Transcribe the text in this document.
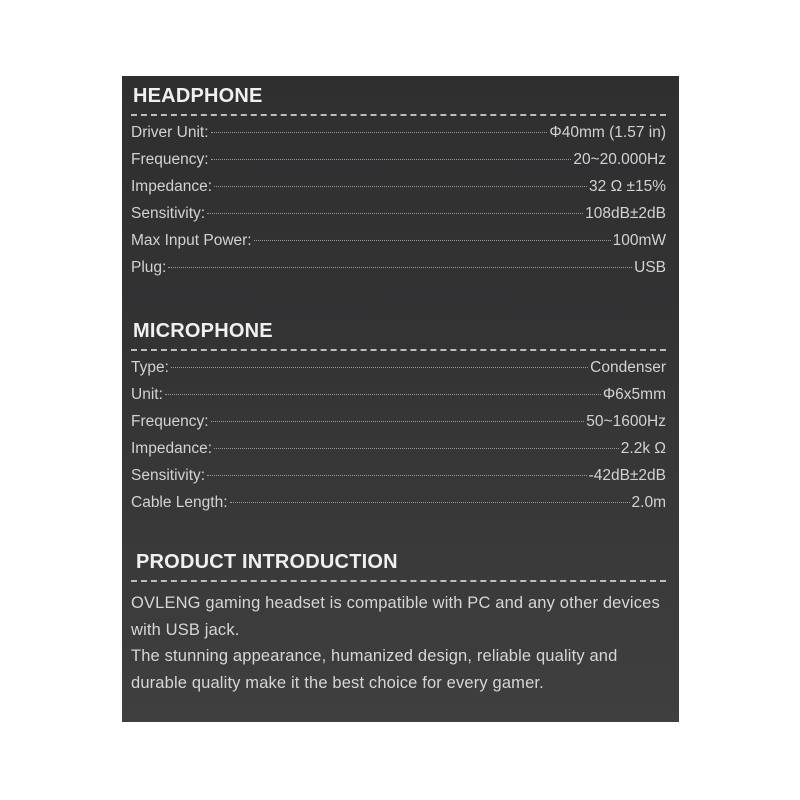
HEADPHONE
Driver Unit:	Φ40mm (1.57 in)
Frequency:	20~20.000Hz
Impedance:	32 Ω ±15%
Sensitivity:	108dB±2dB
Max Input Power:	100mW
Plug:	USB
MICROPHONE
Type:	Condenser
Unit:	Φ6x5mm
Frequency:	50~1600Hz
Impedance:	2.2k Ω
Sensitivity:	-42dB±2dB
Cable Length:	2.0m
PRODUCT INTRODUCTION

OVLENG gaming headset is compatible with PC and any other devices with USB jack.

The stunning appearance, humanized design, reliable quality and durable quality make it the best choice for every gamer.
